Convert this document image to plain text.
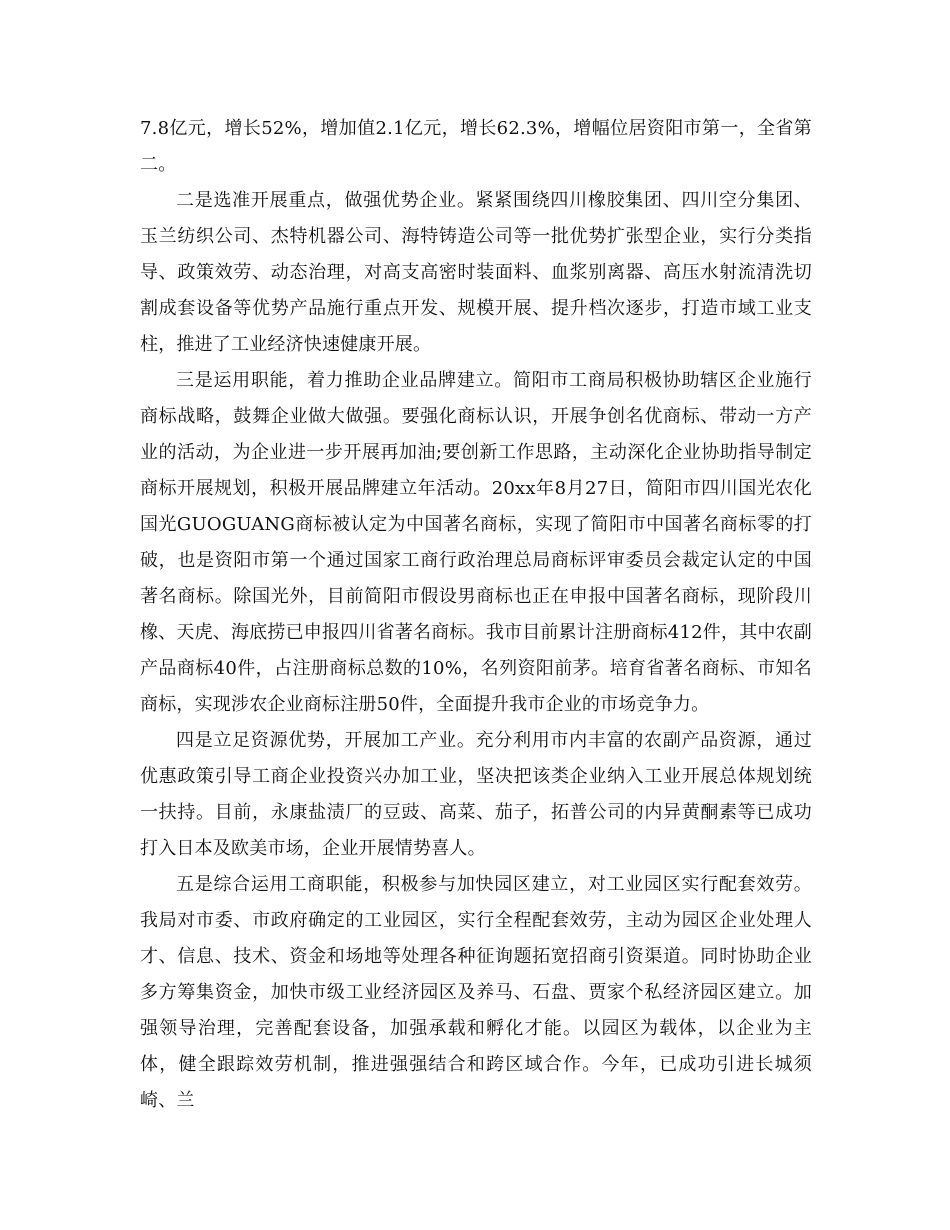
7.8亿元，增长52%，增加值2.1亿元，增长62.3%，增幅位居资阳市第一，全省第二。

二是选准开展重点，做强优势企业。紧紧围绕四川橡胶集团、四川空分集团、玉兰纺织公司、杰特机器公司、海特铸造公司等一批优势扩张型企业，实行分类指导、政策效劳、动态治理，对高支高密时装面料、血浆别离器、高压水射流清洗切割成套设备等优势产品施行重点开发、规模开展、提升档次逐步，打造市域工业支柱，推进了工业经济快速健康开展。

三是运用职能，着力推助企业品牌建立。简阳市工商局积极协助辖区企业施行商标战略，鼓舞企业做大做强。要强化商标认识，开展争创名优商标、带动一方产业的活动，为企业进一步开展再加油;要创新工作思路，主动深化企业协助指导制定商标开展规划，积极开展品牌建立年活动。20xx年8月27日，简阳市四川国光农化国光GUOGUANG商标被认定为中国著名商标，实现了简阳市中国著名商标零的打破，也是资阳市第一个通过国家工商行政治理总局商标评审委员会裁定认定的中国著名商标。除国光外，目前简阳市假设男商标也正在申报中国著名商标，现阶段川橡、天虎、海底捞已申报四川省著名商标。我市目前累计注册商标412件，其中农副产品商标40件，占注册商标总数的10%，名列资阳前茅。培育省著名商标、市知名商标，实现涉农企业商标注册50件，全面提升我市企业的市场竞争力。

四是立足资源优势，开展加工产业。充分利用市内丰富的农副产品资源，通过优惠政策引导工商企业投资兴办加工业，坚决把该类企业纳入工业开展总体规划统一扶持。目前，永康盐渍厂的豆豉、高菜、茄子，拓普公司的内异黄酮素等已成功打入日本及欧美市场，企业开展情势喜人。

五是综合运用工商职能，积极参与加快园区建立，对工业园区实行配套效劳。我局对市委、市政府确定的工业园区，实行全程配套效劳，主动为园区企业处理人才、信息、技术、资金和场地等处理各种征询题拓宽招商引资渠道。同时协助企业多方筹集资金，加快市级工业经济园区及养马、石盘、贾家个私经济园区建立。加强领导治理，完善配套设备，加强承载和孵化才能。以园区为载体，以企业为主体，健全跟踪效劳机制，推进强强结合和跨区域合作。今年，已成功引进长城须崎、兰
